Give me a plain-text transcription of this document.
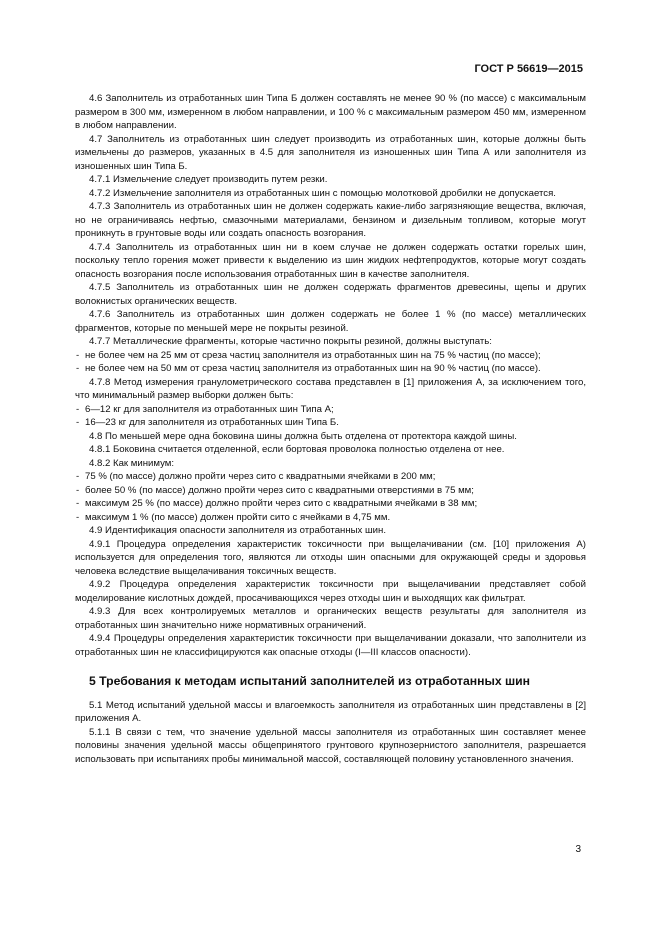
ГОСТ Р 56619—2015

4.6 Заполнитель из отработанных шин Типа Б должен составлять не менее 90 % (по массе) с максимальным размером в 300 мм, измеренном в любом направлении, и 100 % с максимальным размером 450 мм, измеренном в любом направлении.

4.7 Заполнитель из отработанных шин следует производить из отработанных шин, которые должны быть измельчены до размеров, указанных в 4.5 для заполнителя из изношенных шин Типа А или заполнителя из изношенных шин Типа Б.

4.7.1 Измельчение следует производить путем резки.

4.7.2 Измельчение заполнителя из отработанных шин с помощью молотковой дробилки не допускается.

4.7.3 Заполнитель из отработанных шин не должен содержать какие-либо загрязняющие вещества, включая, но не ограничиваясь нефтью, смазочными материалами, бензином и дизельным топливом, которые могут проникнуть в грунтовые воды или создать опасность возгорания.

4.7.4 Заполнитель из отработанных шин ни в коем случае не должен содержать остатки горелых шин, поскольку тепло горения может привести к выделению из шин жидких нефтепродуктов, которые могут создать опасность возгорания после использования отработанных шин в качестве заполнителя.

4.7.5 Заполнитель из отработанных шин не должен содержать фрагментов древесины, щепы и других волокнистых органических веществ.

4.7.6 Заполнитель из отработанных шин должен содержать не более 1 % (по массе) металлических фрагментов, которые по меньшей мере не покрыты резиной.

4.7.7 Металлические фрагменты, которые частично покрыты резиной, должны выступать:

- не более чем на 25 мм от среза частиц заполнителя из отработанных шин на 75 % частиц (по массе);

- не более чем на 50 мм от среза частиц заполнителя из отработанных шин на 90 % частиц (по массе).

4.7.8 Метод измерения гранулометрического состава представлен в [1] приложения А, за исключением того, что минимальный размер выборки должен быть:

- 6—12 кг для заполнителя из отработанных шин Типа А;

- 16—23 кг для заполнителя из отработанных шин Типа Б.

4.8 По меньшей мере одна боковина шины должна быть отделена от протектора каждой шины.

4.8.1 Боковина считается отделенной, если бортовая проволока полностью отделена от нее.

4.8.2 Как минимум:

- 75 % (по массе) должно пройти через сито с квадратными ячейками в 200 мм;

- более 50 % (по массе) должно пройти через сито с квадратными отверстиями в 75 мм;

- максимум 25 % (по массе) должно пройти через сито с квадратными ячейками в 38 мм;

- максимум 1 % (по массе) должен пройти сито с ячейками в 4,75 мм.

4.9 Идентификация опасности заполнителя из отработанных шин.

4.9.1 Процедура определения характеристик токсичности при выщелачивании (см. [10] приложения А) используется для определения того, являются ли отходы шин опасными для окружающей среды и здоровья человека вследствие выщелачивания токсичных веществ.

4.9.2 Процедура определения характеристик токсичности при выщелачивании представляет собой моделирование кислотных дождей, просачивающихся через отходы шин и выходящих как фильтрат.

4.9.3 Для всех контролируемых металлов и органических веществ результаты для заполнителя из отработанных шин значительно ниже нормативных ограничений.

4.9.4 Процедуры определения характеристик токсичности при выщелачивании доказали, что заполнители из отработанных шин не классифицируются как опасные отходы (I—III классов опасности).

5 Требования к методам испытаний заполнителей из отработанных шин

5.1 Метод испытаний удельной массы и влагоемкость заполнителя из отработанных шин представлены в [2] приложения А.

5.1.1 В связи с тем, что значение удельной массы заполнителя из отработанных шин составляет менее половины значения удельной массы общепринятого грунтового крупнозернистого заполнителя, разрешается использовать при испытаниях пробы минимальной массой, составляющей половину установленного значения.

3
